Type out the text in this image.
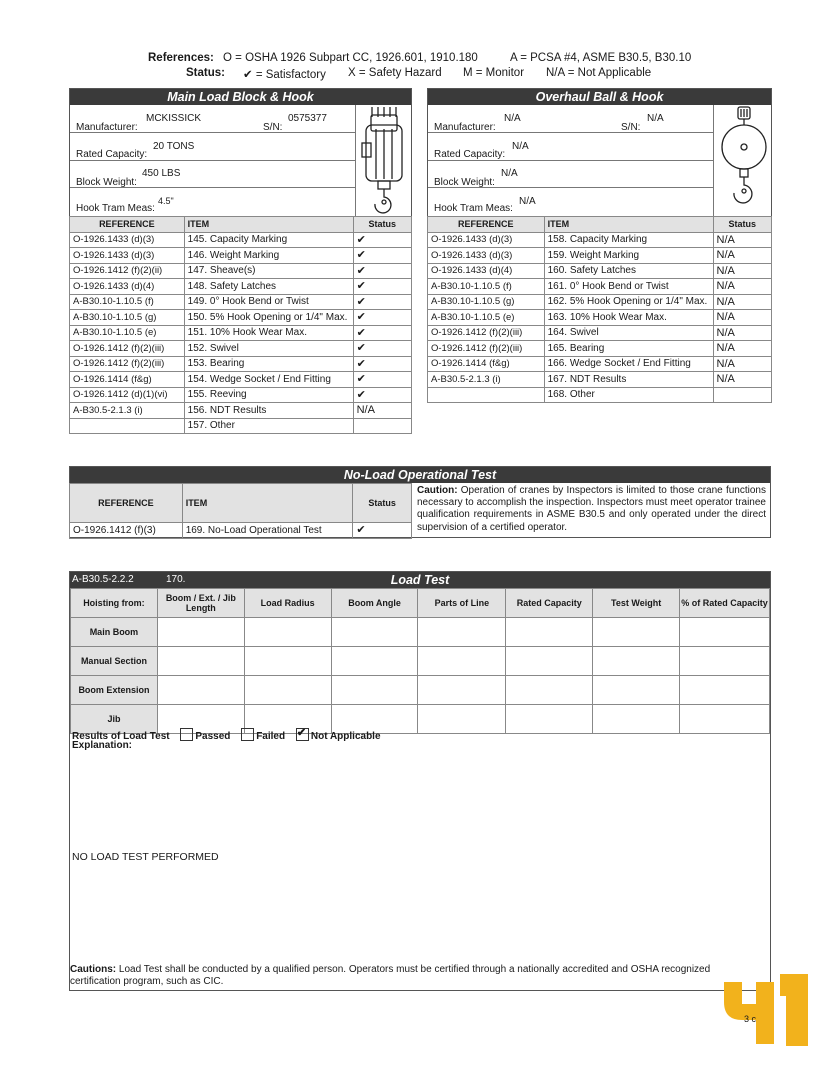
References: O = OSHA 1926 Subpart CC, 1926.601, 1910.180	A = PCSA #4, ASME B30.5, B30.10
Status: ✔ = Satisfactory X = Safety Hazard M = Monitor N/A = Not Applicable
Main Load Block & Hook
Manufacturer:
MCKISSICK
S/N:
0575377
Rated Capacity:
20 TONS
Block Weight:
450 LBS
Hook Tram Meas:
4.5"
REFERENCE	ITEM	Status
O-1926.1433 (d)(3)	145. Capacity Marking	✔
O-1926.1433 (d)(3)	146. Weight Marking	✔
O-1926.1412 (f)(2)(ii)	147. Sheave(s)	✔
O-1926.1433 (d)(4)	148. Safety Latches	✔
A-B30.10-1.10.5 (f)	149. 0° Hook Bend or Twist	✔
A-B30.10-1.10.5 (g)	150. 5% Hook Opening or 1/4" Max.	✔
A-B30.10-1.10.5 (e)	151. 10% Hook Wear Max.	✔
O-1926.1412 (f)(2)(iii)	152. Swivel	✔
O-1926.1412 (f)(2)(iii)	153. Bearing	✔
O-1926.1414 (f&g)	154. Wedge Socket / End Fitting	✔
O-1926.1412 (d)(1)(vi)	155. Reeving	✔
A-B30.5-2.1.3 (i)	156. NDT Results	N/A
	157. Other	
Overhaul Ball & Hook
Manufacturer:
N/A
S/N:
N/A
Rated Capacity:
N/A
Block Weight:
N/A
Hook Tram Meas:
N/A
REFERENCE	ITEM	Status
O-1926.1433 (d)(3)	158. Capacity Marking	N/A
O-1926.1433 (d)(3)	159. Weight Marking	N/A
O-1926.1433 (d)(4)	160. Safety Latches	N/A
A-B30.10-1.10.5 (f)	161. 0° Hook Bend or Twist	N/A
A-B30.10-1.10.5 (g)	162. 5% Hook Opening or 1/4" Max.	N/A
A-B30.10-1.10.5 (e)	163. 10% Hook Wear Max.	N/A
O-1926.1412 (f)(2)(iii)	164. Swivel	N/A
O-1926.1412 (f)(2)(iii)	165. Bearing	N/A
O-1926.1414 (f&g)	166. Wedge Socket / End Fitting	N/A
A-B30.5-2.1.3 (i)	167. NDT Results	N/A
	168. Other	
No-Load Operational Test
REFERENCE	ITEM	Status
O-1926.1412 (f)(3)	169. No-Load Operational Test	✔
Caution: Operation of cranes by Inspectors is limited to those crane functions necessary to accomplish the inspection. Inspectors must meet operator trainee qualification requirements in ASME B30.5 and only operated under the direct supervision of a certified operator.
Load Test
A-B30.5-2.2.2	170.
Hoisting from:	Boom / Ext. / Jib Length	Load Radius	Boom Angle	Parts of Line	Rated Capacity	Test Weight	% of Rated Capacity
Main Boom							
Manual Section							
Boom Extension							
Jib							
Results of Load Test	Passed	Failed ✔	Not Applicable
Explanation:
NO LOAD TEST PERFORMED
Cautions: Load Test shall be conducted by a qualified person. Operators must be certified through a nationally accredited and OSHA recognized certification program, such as CIC.
3 c
